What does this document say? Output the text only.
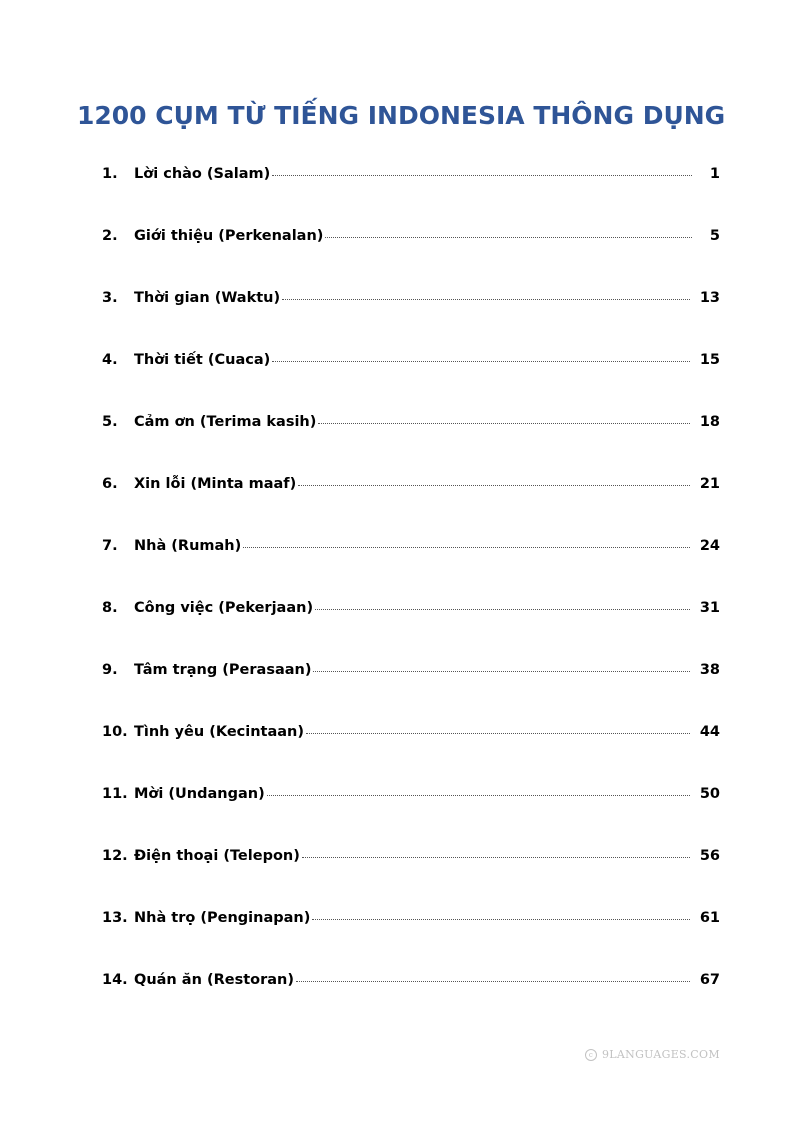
1200 CỤM TỪ TIẾNG INDONESIA THÔNG DỤNG
1.	Lời chào (Salam)	1
2.	Giới thiệu (Perkenalan)	5
3.	Thời gian (Waktu)	13
4.	Thời tiết (Cuaca)	15
5.	Cảm ơn (Terima kasih)	18
6.	Xin lỗi (Minta maaf)	21
7.	Nhà (Rumah)	24
8.	Công việc (Pekerjaan)	31
9.	Tâm trạng (Perasaan)	38
10. Tình yêu (Kecintaan)	44
11. Mời (Undangan)	50
12. Điện thoại (Telepon)	56
13. Nhà trọ (Penginapan)	61
14. Quán ăn (Restoran)	67
c 9LANGUAGES.COM
